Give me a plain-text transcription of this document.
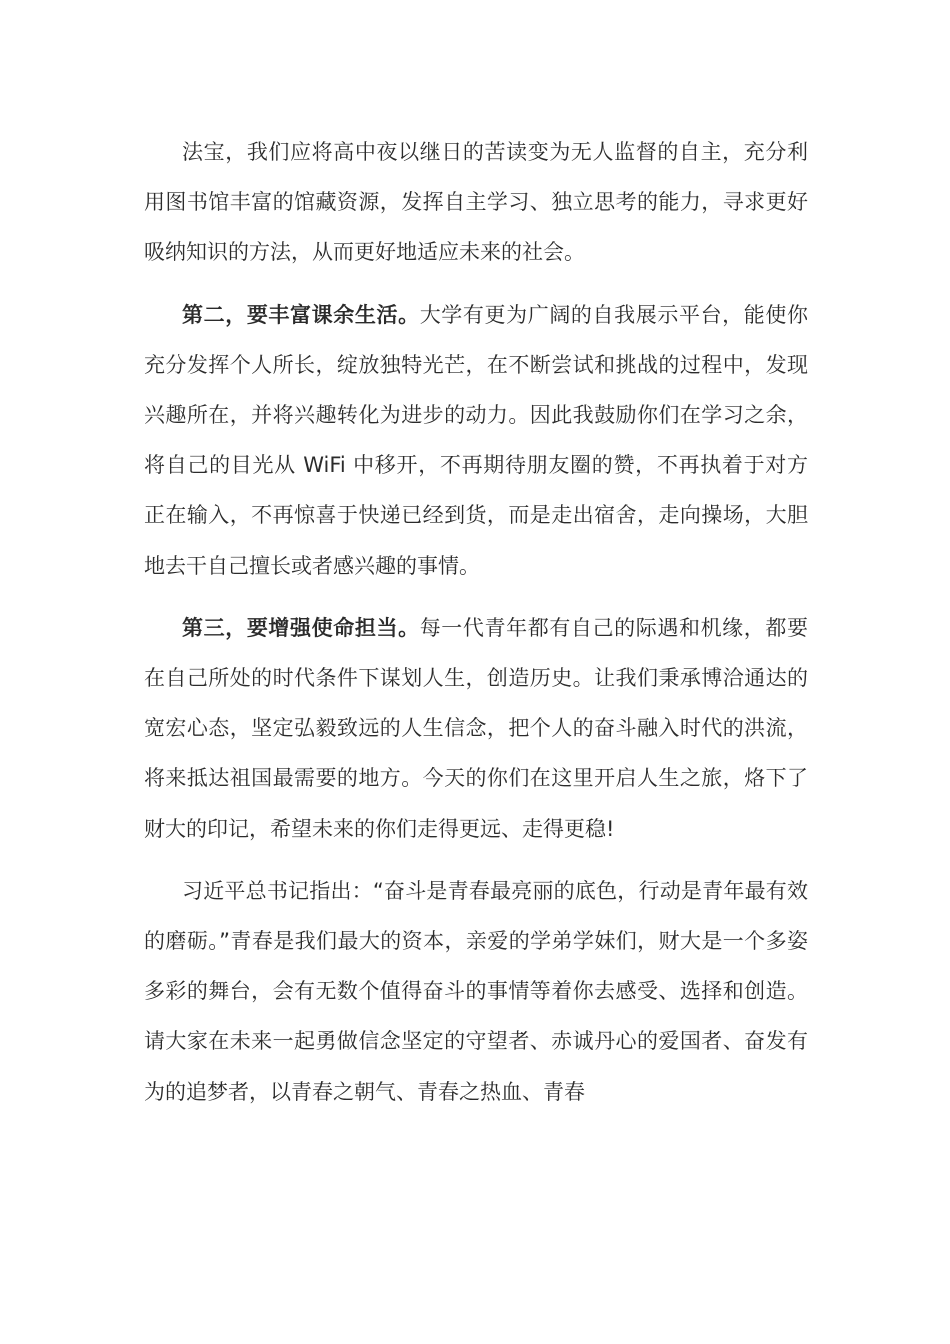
法宝，我们应将高中夜以继日的苦读变为无人监督的自主，充分利用图书馆丰富的馆藏资源，发挥自主学习、独立思考的能力，寻求更好吸纳知识的方法，从而更好地适应未来的社会。

第二，要丰富课余生活。大学有更为广阔的自我展示平台，能使你充分发挥个人所长，绽放独特光芒，在不断尝试和挑战的过程中，发现兴趣所在，并将兴趣转化为进步的动力。因此我鼓励你们在学习之余，将自己的目光从 WiFi 中移开，不再期待朋友圈的赞，不再执着于对方正在输入，不再惊喜于快递已经到货，而是走出宿舍，走向操场，大胆地去干自己擅长或者感兴趣的事情。

第三，要增强使命担当。每一代青年都有自己的际遇和机缘，都要在自己所处的时代条件下谋划人生，创造历史。让我们秉承博洽通达的宽宏心态，坚定弘毅致远的人生信念，把个人的奋斗融入时代的洪流，将来抵达祖国最需要的地方。今天的你们在这里开启人生之旅，烙下了财大的印记，希望未来的你们走得更远、走得更稳!

习近平总书记指出：“奋斗是青春最亮丽的底色，行动是青年最有效的磨砺。”青春是我们最大的资本，亲爱的学弟学妹们，财大是一个多姿多彩的舞台，会有无数个值得奋斗的事情等着你去感受、选择和创造。请大家在未来一起勇做信念坚定的守望者、赤诚丹心的爱国者、奋发有为的追梦者，以青春之朝气、青春之热血、青春
